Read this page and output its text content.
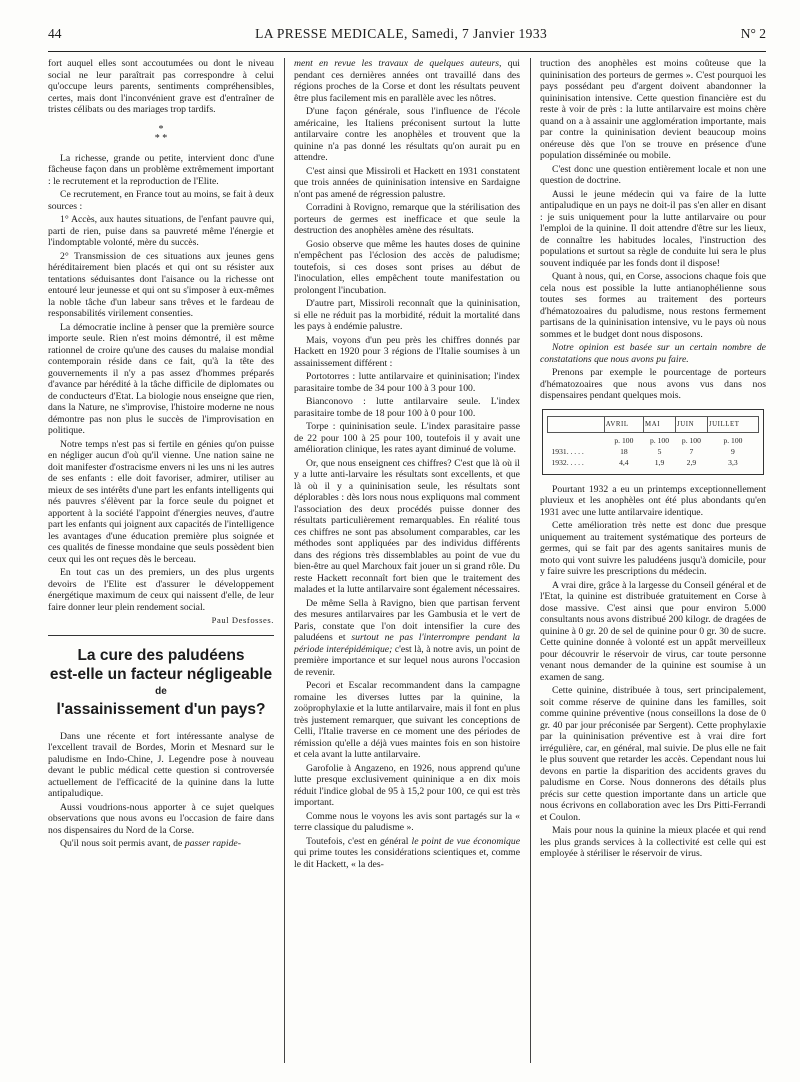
44	LA PRESSE MEDICALE, Samedi, 7 Janvier 1933	N° 2

fort auquel elles sont accoutumées ou dont le niveau social ne leur paraîtrait pas correspondre à celui qu'occupe leurs parents, sentiments compréhensibles, certes, mais dont l'inconvénient grave est d'entraîner de tristes célibats ou des mariages trop tardifs.

*
* *

La richesse, grande ou petite, intervient donc d'une fâcheuse façon dans un problème extrêmement important : le recrutement et la reproduction de l'Elite.

Ce recrutement, en France tout au moins, se fait à deux sources :

1° Accès, aux hautes situations, de l'enfant pauvre qui, parti de rien, puise dans sa pauvreté même l'énergie et l'indomptable volonté, mère du succès.

2° Transmission de ces situations aux jeunes gens héréditairement bien placés et qui ont su résister aux tentations séduisantes dont l'aisance ou la richesse ont entouré leur jeunesse et qui ont su s'imposer à eux-mêmes la noble tâche d'un labeur sans trêves et le fardeau de responsabilités virilement consenties.

La démocratie incline à penser que la première source importe seule. Rien n'est moins démontré, il est même rationnel de croire qu'une des causes du malaise mondial contemporain réside dans ce fait, qu'à la tête des gouvernements il n'y a pas assez d'hommes préparés d'avance par hérédité à la tâche difficile de diplomates ou de conducteurs d'Etat. La biologie nous enseigne que rien, dans la Nature, ne s'improvise, l'histoire moderne ne nous démontre pas non plus le succès de l'improvisation en politique.

Notre temps n'est pas si fertile en génies qu'on puisse en négliger aucun d'où qu'il vienne. Une nation saine ne doit manifester d'ostracisme envers ni les uns ni les autres de ses enfants : elle doit favoriser, admirer, utiliser au mieux de ses intérêts d'une part les enfants intelligents qui nés pauvres s'élèvent par la force seule du poignet et apportent à la société l'appoint d'énergies neuves, d'autre part les enfants qui joignent aux capacités de l'intelligence les avantages d'une éducation première plus soignée et ces qualités de finesse mondaine que seuls possèdent bien ceux qui les ont reçues dès le berceau.

En tout cas un des premiers, un des plus urgents devoirs de l'Elite est d'assurer le développement énergétique maximum de ceux qui naissent d'elle, de leur faire donner leur plein rendement social.

Paul Desfosses.

La cure des paludéens
est-elle un facteur négligeable
de
l'assainissement d'un pays?

Dans une récente et fort intéressante analyse de l'excellent travail de Bordes, Morin et Mesnard sur le paludisme en Indo-Chine, J. Legendre pose à nouveau devant le public médical cette question si controversée actuellement de l'efficacité de la quinine dans la lutte antipaludique.

Aussi voudrions-nous apporter à ce sujet quelques observations que nous avons eu l'occasion de faire dans nos dispensaires du Nord de la Corse.

Qu'il nous soit permis avant, de passer rapide-

ment en revue les travaux de quelques auteurs, qui pendant ces dernières années ont travaillé dans des régions proches de la Corse et dont les résultats peuvent être plus facilement mis en parallèle avec les nôtres.

D'une façon générale, sous l'influence de l'école américaine, les Italiens préconisent surtout la lutte antilarvaire contre les anophèles et trouvent que la quinine n'a pas donné les résultats qu'on aurait pu en attendre.

C'est ainsi que Missiroli et Hackett en 1931 constatent que trois années de quininisation intensive en Sardaigne n'ont pas amené de régression palustre.

Corradini à Rovigno, remarque que la stérilisation des porteurs de germes est inefficace et que seule la destruction des anophèles amène des résultats.

Gosio observe que même les hautes doses de quinine n'empêchent pas l'éclosion des accès de paludisme; toutefois, si ces doses sont prises au début de l'inoculation, elles empêchent toute manifestation ou prolongent l'incubation.

D'autre part, Missiroli reconnaît que la quininisation, si elle ne réduit pas la morbidité, réduit la mortalité dans les pays à endémie palustre.

Mais, voyons d'un peu près les chiffres donnés par Hackett en 1920 pour 3 régions de l'Italie soumises à un assainissement différent :

Portotorres : lutte antilarvaire et quininisation; l'index parasitaire tombe de 34 pour 100 à 3 pour 100.

Bianconovo : lutte antilarvaire seule. L'index parasitaire tombe de 18 pour 100 à 0 pour 100.

Torpe : quininisation seule. L'index parasitaire passe de 22 pour 100 à 25 pour 100, toutefois il y avait une amélioration clinique, les rates ayant diminué de volume.

Or, que nous enseignent ces chiffres? C'est que là où il y a lutte anti-larvaire les résultats sont excellents, et que là où il y a quininisation seule, les résultats sont déplorables : dès lors nous nous expliquons mal comment l'association des deux procédés puisse donner des résultats particulièrement remarquables. En réalité tous ces chiffres ne sont pas absolument comparables, car les méthodes sont appliquées par des individus différents dans des régions très dissemblables au point de vue du bien-être au quel Marchoux fait jouer un si grand rôle. Du reste Hackett reconnaît fort bien que le traitement des malades et la lutte antilarvaire sont également nécessaires.

De même Sella à Ravigno, bien que partisan fervent des mesures antilarvaires par les Gambusia et le vert de Paris, constate que l'on doit intensifier la cure des paludéens et surtout ne pas l'interrompre pendant la période interépidémique; c'est là, à notre avis, un point de première importance et sur lequel nous aurons l'occasion de revenir.

Pecori et Escalar recommandent dans la campagne romaine les diverses luttes par la quinine, la zoöprophylaxie et la lutte antilarvaire, mais il font en plus très justement remarquer, que suivant les conceptions de Celli, l'Italie traverse en ce moment une des périodes de rémission qu'elle a déjà vues maintes fois en son histoire et cela avant la lutte antilarvaire.

Garofolie à Angazeno, en 1926, nous apprend qu'une lutte presque exclusivement quininique a en dix mois réduit l'indice global de 95 à 15,2 pour 100, ce qui est très important.

Comme nous le voyons les avis sont partagés sur la « terre classique du paludisme ».

Toutefois, c'est en général le point de vue économique qui prime toutes les considérations scientiques et, comme le dit Hackett, « la des-

truction des anophèles est moins coûteuse que la quininisation des porteurs de germes ». C'est pourquoi les pays possédant peu d'argent doivent abandonner la quininisation intensive. Cette question financière est du reste à voir de près : la lutte antilarvaire est moins chère quand on a à assainir une agglomération importante, mais par contre la quininisation devient beaucoup moins onéreuse dès que l'on se trouve en présence d'une population disséminée ou mobile.

C'est donc une question entièrement locale et non une question de doctrine.

Aussi le jeune médecin qui va faire de la lutte antipaludique en un pays ne doit-il pas s'en aller en disant : je suis uniquement pour la lutte antilarvaire ou pour l'emploi de la quinine. Il doit attendre d'être sur les lieux, de connaître les habitudes locales, l'instruction des populations et surtout sa règle de conduite lui sera le plus souvent indiquée par les fonds dont il dispose!

Quant à nous, qui, en Corse, associons chaque fois que cela nous est possible la lutte antianophélienne sous toutes ses formes au traitement des porteurs d'hématozoaires du paludisme, nous restons fermement partisans de la quininisation intensive, vu le pays où nous sommes et le budget dont nous disposons.

Notre opinion est basée sur un certain nombre de constatations que nous avons pu faire.

Prenons par exemple le pourcentage de porteurs d'hématozoaires que nous avons vus dans nos dispensaires pendant quelques mois.

	AVRIL	MAI	JUIN	JUILLET
	p. 100	p. 100	p. 100	p. 100
1931. . . . .	18	5	7	9
1932. . . . .	4,4	1,9	2,9	3,3

Pourtant 1932 a eu un printemps exceptionnellement pluvieux et les anophèles ont été plus abondants qu'en 1931 avec une lutte antilarvaire identique.

Cette amélioration très nette est donc due presque uniquement au traitement systématique des porteurs de germes, qui se fait par des agents sanitaires munis de moto qui vont suivre les paludéens jusqu'à domicile, pour y faire suivre les prescriptions du médecin.

A vrai dire, grâce à la largesse du Conseil général et de l'Etat, la quinine est distribuée gratuitement en Corse à dose massive. C'est ainsi que pour environ 5.000 consultants nous avons distribué 200 kilogr. de dragées de quinine à 0 gr. 20 de sel de quinine pour 0 gr. 30 de sucre. Cette quinine donnée à volonté est un appât merveilleux pour découvrir le réservoir de virus, car toute personne venant nous demander de la quinine est soumise à un examen de sang.

Cette quinine, distribuée à tous, sert principalement, soit comme réserve de quinine dans les familles, soit comme quinine préventive (nous conseillons la dose de 0 gr. 40 par jour préconisée par Sergent). Cette prophylaxie par la quininisation préventive est à vrai dire fort irrégulière, car, en général, mal suivie. De plus elle ne fait le plus souvent que retarder les accès. Cependant nous lui devons en partie la disparition des accidents graves du paludisme en Corse. Nous donnerons des détails plus précis sur cette question importante dans un article que nous écrivons en collaboration avec les Drs Pitti-Ferrandi et Coulon.

Mais pour nous la quinine la mieux placée et qui rend les plus grands services à la collectivité est celle qui est employée à stériliser le réservoir de virus.
